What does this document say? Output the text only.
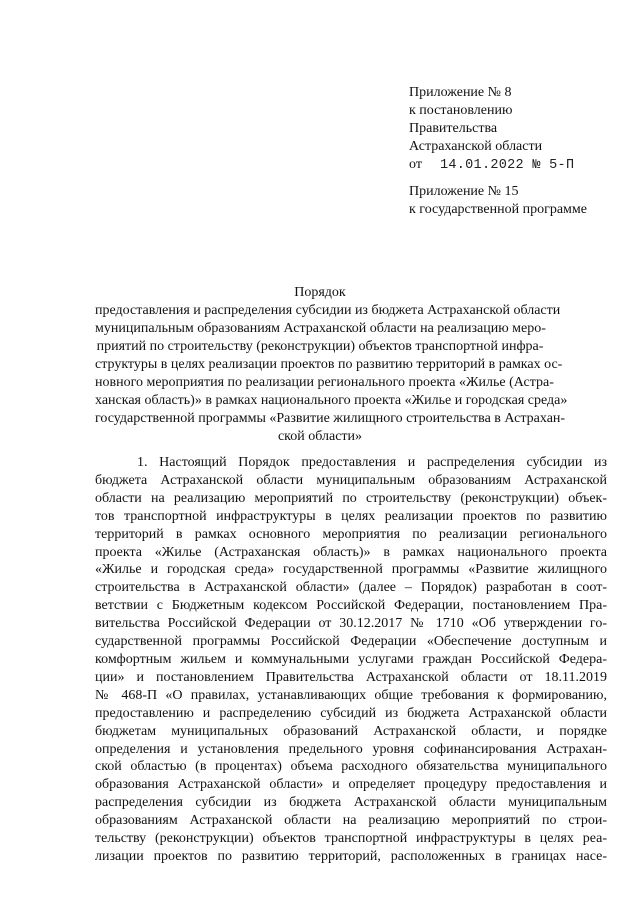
Приложение № 8
к постановлению
Правительства
Астраханской области
от 14.01.2022 № 5-П
Приложение № 15
к государственной программе
Порядок
предоставления и распределения субсидии из бюджета Астраханской области
муниципальным образованиям Астраханской области на реализацию меро-
приятий по строительству (реконструкции) объектов транспортной инфра-
структуры в целях реализации проектов по развитию территорий в рамках ос-
новного мероприятия по реализации регионального проекта «Жилье (Астра-
ханская область)» в рамках национального проекта «Жилье и городская среда»
государственной программы «Развитие жилищного строительства в Астрахан-
ской области»
1. Настоящий Порядок предоставления и распределения субсидии из
бюджета Астраханской области муниципальным образованиям Астраханской
области на реализацию мероприятий по строительству (реконструкции) объек-
тов транспортной инфраструктуры в целях реализации проектов по развитию
территорий в рамках основного мероприятия по реализации регионального
проекта «Жилье (Астраханская область)» в рамках национального проекта
«Жилье и городская среда» государственной программы «Развитие жилищного
строительства в Астраханской области» (далее – Порядок) разработан в соот-
ветствии с Бюджетным кодексом Российской Федерации, постановлением Пра-
вительства Российской Федерации от 30.12.2017 № 1710 «Об утверждении го-
сударственной программы Российской Федерации «Обеспечение доступным и
комфортным жильем и коммунальными услугами граждан Российской Федера-
ции» и постановлением Правительства Астраханской области от 18.11.2019
№ 468-П «О правилах, устанавливающих общие требования к формированию,
предоставлению и распределению субсидий из бюджета Астраханской области
бюджетам муниципальных образований Астраханской области, и порядке
определения и установления предельного уровня софинансирования Астрахан-
ской областью (в процентах) объема расходного обязательства муниципального
образования Астраханской области» и определяет процедуру предоставления и
распределения субсидии из бюджета Астраханской области муниципальным
образованиям Астраханской области на реализацию мероприятий по строи-
тельству (реконструкции) объектов транспортной инфраструктуры в целях реа-
лизации проектов по развитию территорий, расположенных в границах насе-
